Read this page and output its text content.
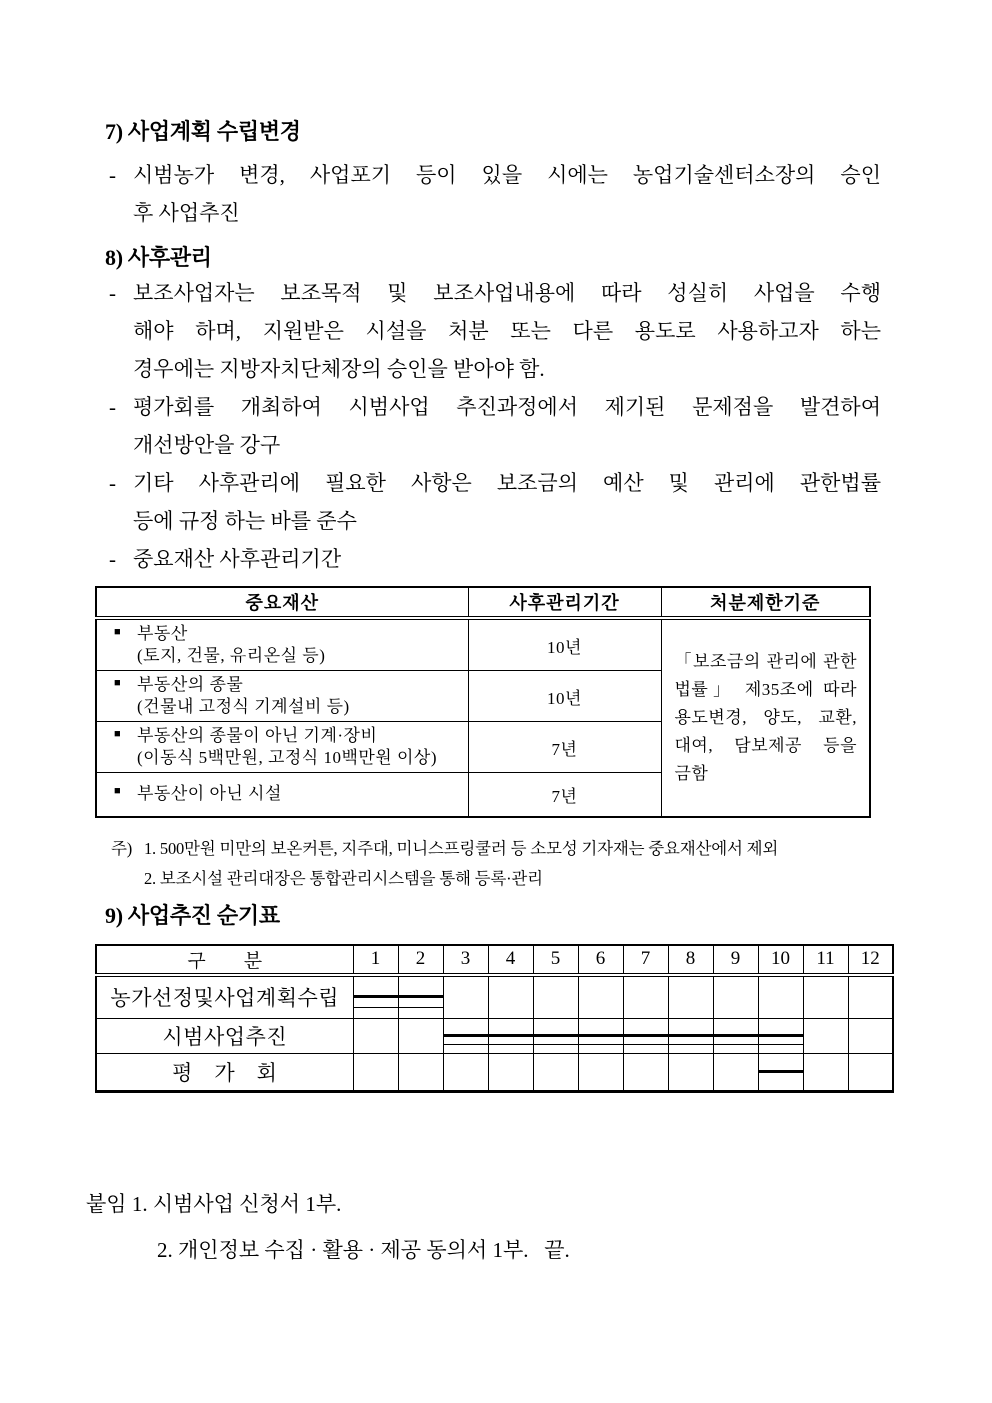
7) 사업계획 수립변경
- 시범농가 변경, 사업포기 등이 있을 시에는 농업기술센터소장의 승인
후 사업추진
8) 사후관리
- 보조사업자는 보조목적 및 보조사업내용에 따라 성실히 사업을 수행
해야 하며, 지원받은 시설을 처분 또는 다른 용도로 사용하고자 하는
경우에는 지방자치단체장의 승인을 받아야 함.
- 평가회를 개최하여 시범사업 추진과정에서 제기된 문제점을 발견하여
개선방안을 강구
- 기타 사후관리에 필요한 사항은 보조금의 예산 및 관리에 관한법률
등에 규정 하는 바를 준수
- 중요재산 사후관리기간
중요재산	사후관리기간	처분제한기준

■ 부동산
(토지, 건물, 유리온실 등)	10년	
「보조금의 관리에 관한
법률」 제35조에 따라
용도변경, 양도, 교환,
대여, 담보제공 등을
금함

■ 부동산의 종물
(건물내 고정식 기계설비 등)	10년	

■ 부동산의 종물이 아닌 기계·장비
(이동식 5백만원, 고정식 10백만원 이상)	7년	

■ 부동산이 아닌 시설	7년	
주) 1. 500만원 미만의 보온커튼, 지주대, 미니스프링쿨러 등 소모성 기자재는 중요재산에서 제외
2. 보조시설 관리대장은 통합관리시스템을 통해 등록·관리
9) 사업추진 순기표
구　　분	1	2	3	4	5	6	7	8	9	10	11	12
농가선정및사업계획수립												
시범사업추진												
평　가　회												
붙임 1. 시범사업 신청서 1부.
2. 개인정보 수집 · 활용 · 제공 동의서 1부.   끝.
